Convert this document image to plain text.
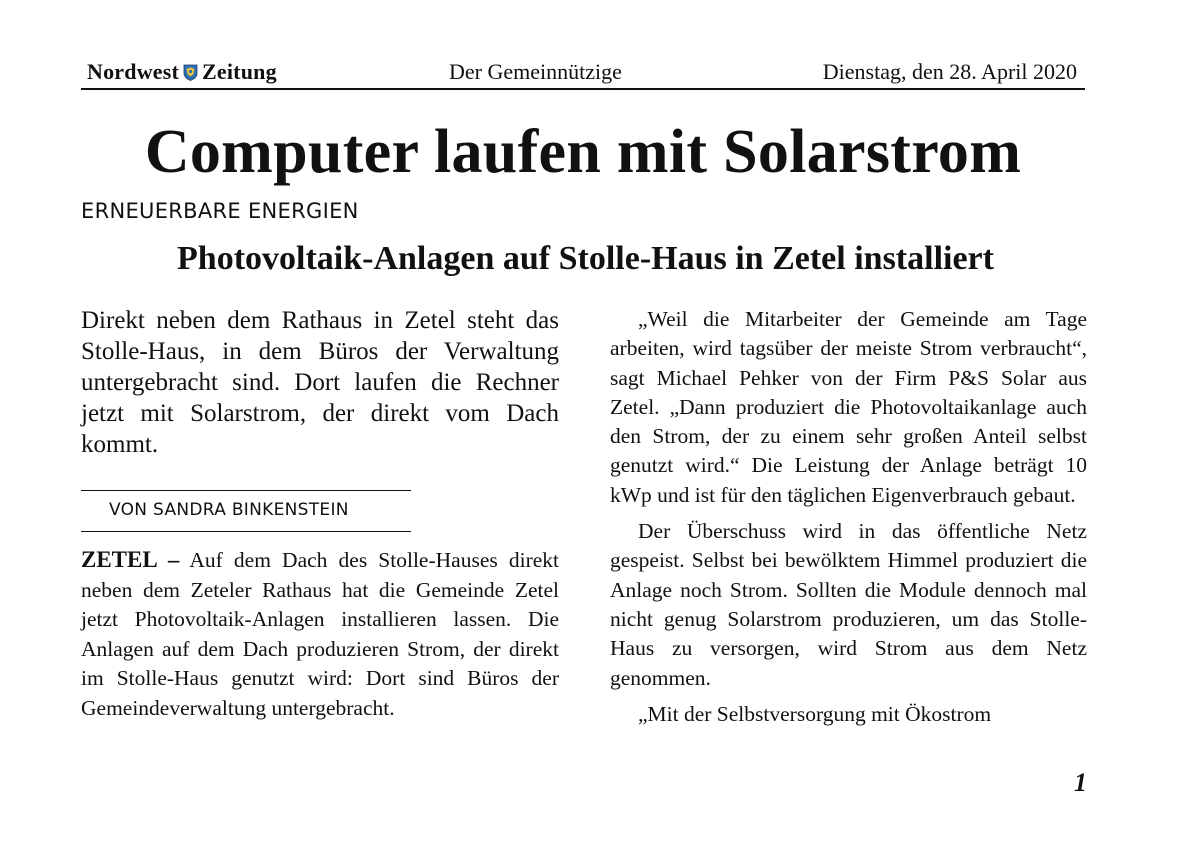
Nordwest Zeitung	Der Gemeinnützige	Dienstag, den 28. April 2020
Computer laufen mit Solarstrom
ERNEUERBARE ENERGIEN
Photovoltaik-Anlagen auf Stolle-Haus in Zetel installiert

Direkt neben dem Rathaus in Zetel steht das Stolle-Haus, in dem Büros der Verwaltung untergebracht sind. Dort laufen die Rechner jetzt mit Solarstrom, der direkt vom Dach kommt.

VON SANDRA BINKENSTEIN

ZETEL – Auf dem Dach des Stolle-Hauses direkt neben dem Zeteler Rathaus hat die Gemeinde Zetel jetzt Photovoltaik-Anlagen installieren lassen. Die Anlagen auf dem Dach produzieren Strom, der direkt im Stolle-Haus genutzt wird: Dort sind Büros der Gemeindeverwaltung untergebracht.

„Weil die Mitarbeiter der Gemeinde am Tage arbeiten, wird tagsüber der meiste Strom verbraucht“, sagt Michael Pehker von der Firm P&S Solar aus Zetel. „Dann produziert die Photovoltaikanlage auch den Strom, der zu einem sehr großen Anteil selbst genutzt wird.“ Die Leistung der Anlage beträgt 10 kWp und ist für den täglichen Eigenverbrauch gebaut.

Der Überschuss wird in das öffentliche Netz gespeist. Selbst bei bewölktem Himmel produziert die Anlage noch Strom. Sollten die Module dennoch mal nicht genug Solarstrom produzieren, um das Stolle-Haus zu versorgen, wird Strom aus dem Netz genommen.

„Mit der Selbstversorgung mit Ökostrom

1
